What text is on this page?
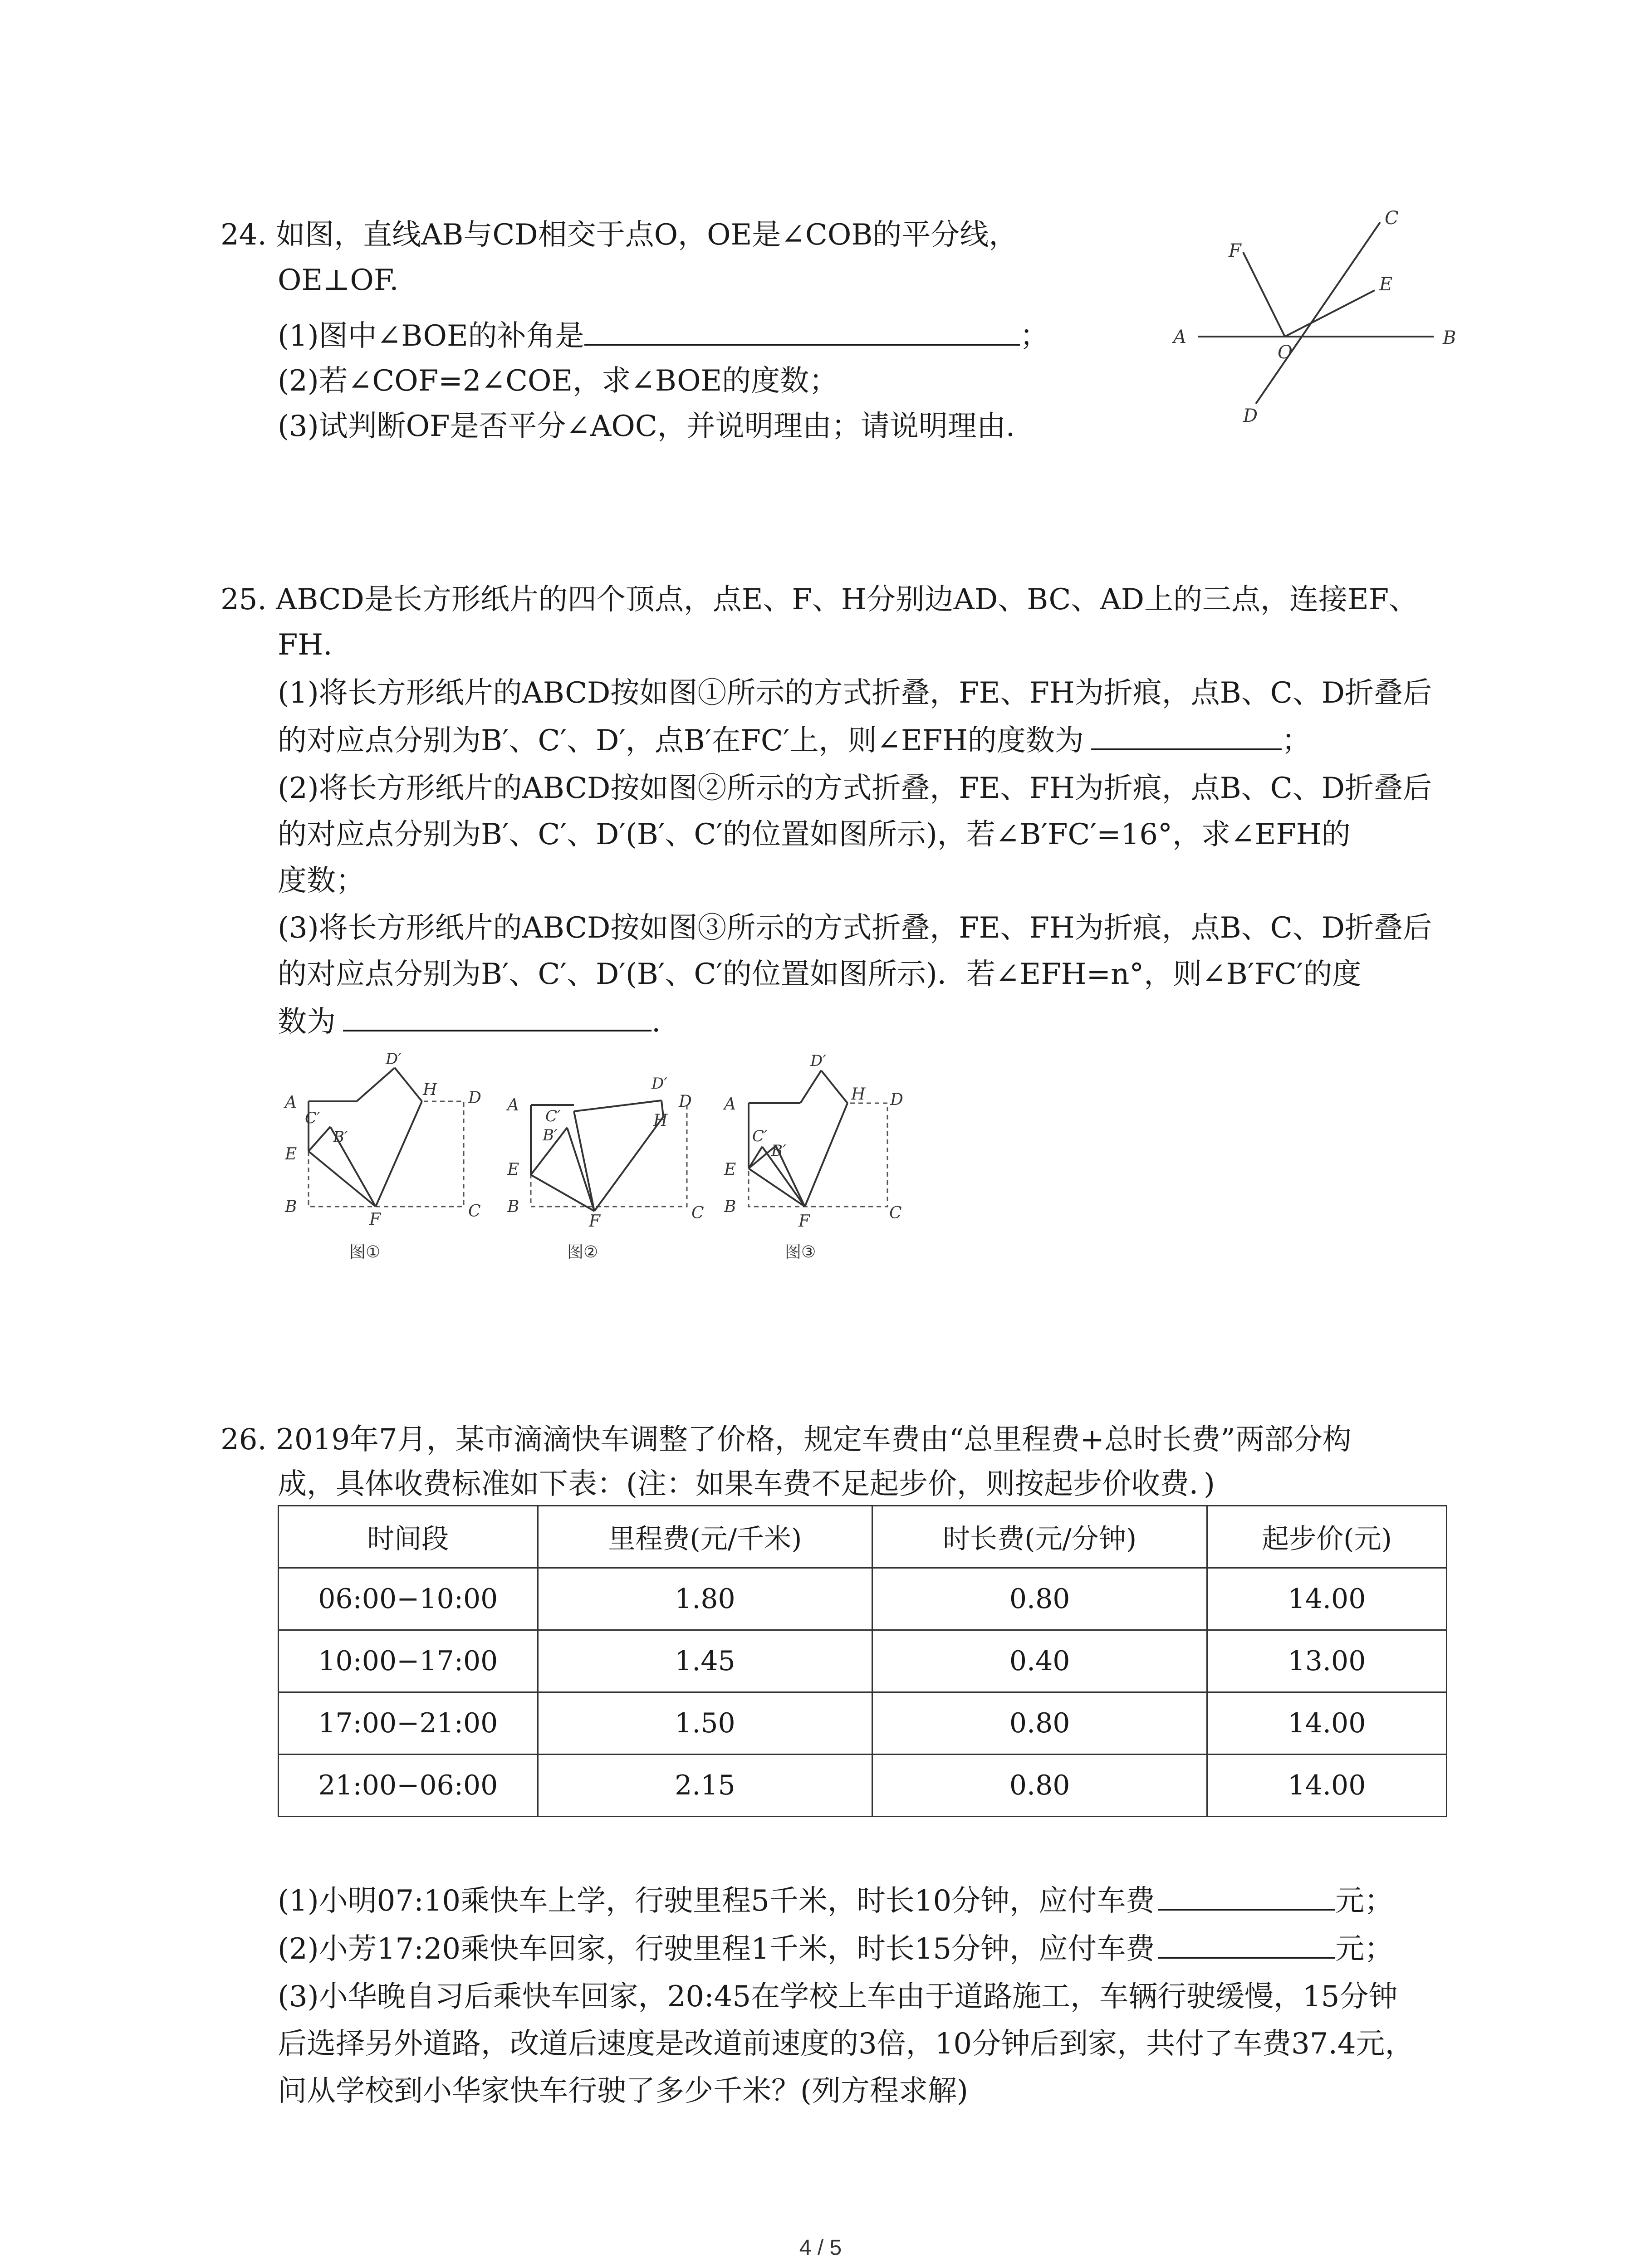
24. 如图，直线AB与CD相交于点O，OE是∠COB的平分线，
OE⊥OF.
(1)图中∠BOE的补角是	；
(2)若∠COF=2∠COE，求∠BOE的度数；
(3)试判断OF是否平分∠AOC，并说明理由；请说明理由.
A	B
C
D
E
F
O
25. ABCD是长方形纸片的四个顶点，点E、F、H分别边AD、BC、AD上的三点，连接EF、
FH.
(1)将长方形纸片的ABCD按如图①所示的方式折叠，FE、FH为折痕，点B、C、D折叠后
的对应点分别为B′、C′、D′，点B′在FC′上，则∠EFH的度数为	；
(2)将长方形纸片的ABCD按如图②所示的方式折叠，FE、FH为折痕，点B、C、D折叠后
的对应点分别为B′、C′、D′(B′、C′的位置如图所示)，若∠B′FC′=16°，求∠EFH的
度数；
(3)将长方形纸片的ABCD按如图③所示的方式折叠，FE、FH为折痕，点B、C、D折叠后
的对应点分别为B′、C′、D′(B′、C′的位置如图所示)．若∠EFH=n°，则∠B′FC′的度
数为	.
A
B	C
D
E
F
H
B′
C′
D′
图①
A
B	C
D
E
F
H
B′
C′
D′
图②
A
B	C
D
E
F
H
B′
C′
D′
图③
26. 2019年7月，某市滴滴快车调整了价格，规定车费由“总里程费+总时长费”两部分构
成，具体收费标准如下表：(注：如果车费不足起步价，则按起步价收费．)
时间段	里程费(元/千米)	时长费(元/分钟)	起步价(元)
06:00−10:00	1.80	0.80	14.00
10:00−17:00	1.45	0.40	13.00
17:00−21:00	1.50	0.80	14.00
21:00−06:00	2.15	0.80	14.00
(1)小明07:10乘快车上学，行驶里程5千米，时长10分钟，应付车费	元；
(2)小芳17:20乘快车回家，行驶里程1千米，时长15分钟，应付车费	元；
(3)小华晚自习后乘快车回家，20:45在学校上车由于道路施工，车辆行驶缓慢，15分钟
后选择另外道路，改道后速度是改道前速度的3倍，10分钟后到家，共付了车费37.4元，
问从学校到小华家快车行驶了多少千米？(列方程求解)
4 / 5
